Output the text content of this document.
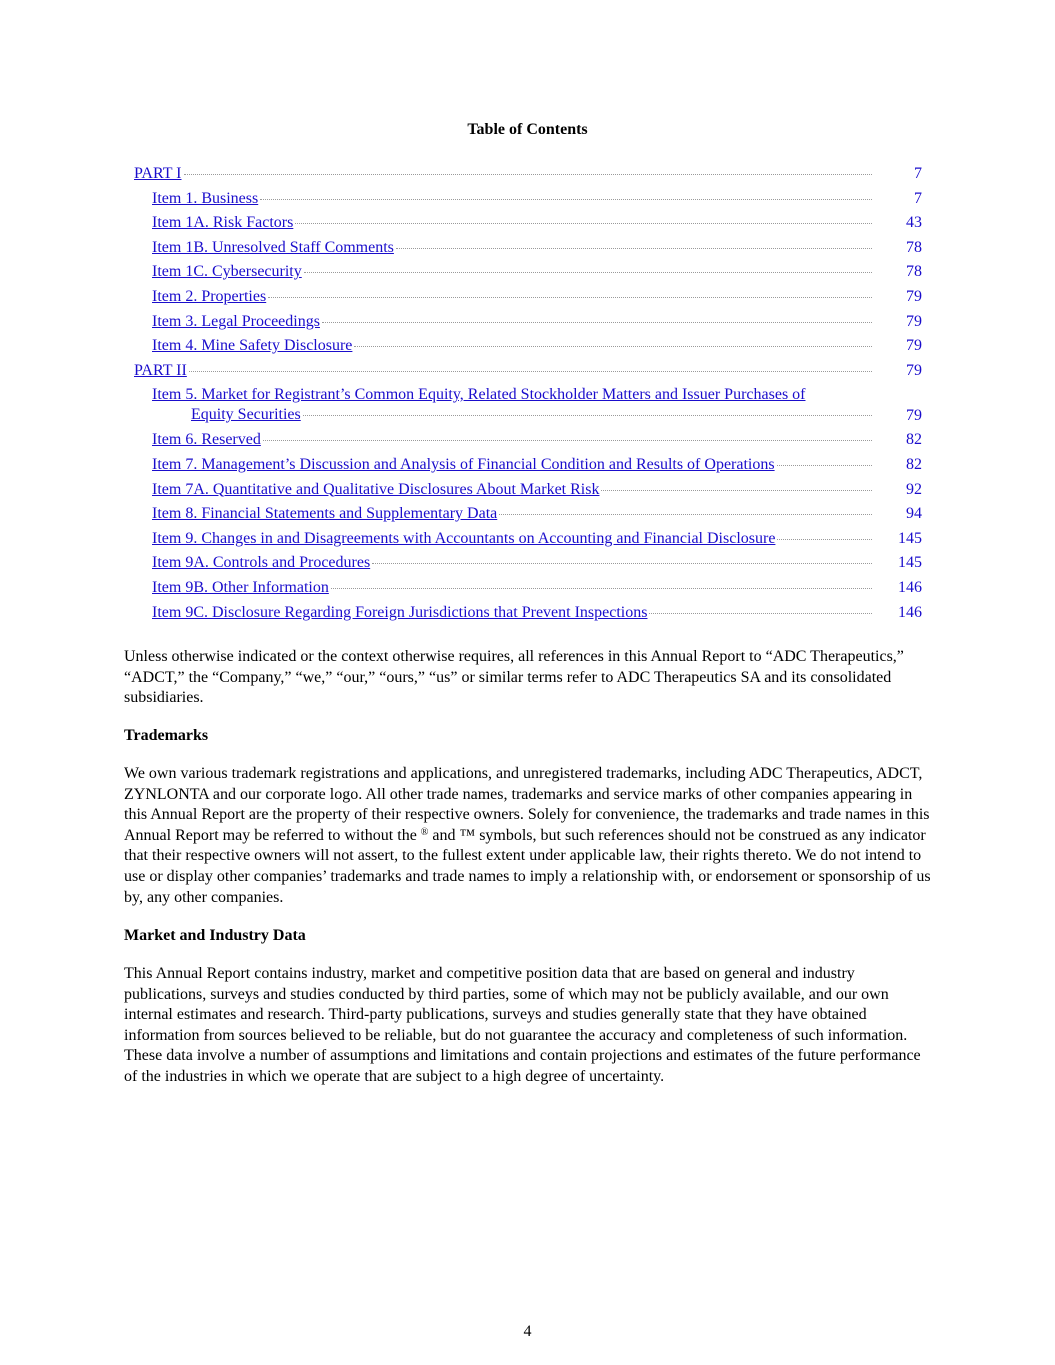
Table of Contents
PART I	7
Item 1. Business	7
Item 1A. Risk Factors	43
Item 1B. Unresolved Staff Comments	78
Item 1C. Cybersecurity	78
Item 2. Properties	79
Item 3. Legal Proceedings	79
Item 4. Mine Safety Disclosure	79
PART II	79
Item 5. Market for Registrant’s Common Equity, Related Stockholder Matters and Issuer Purchases of
Equity Securities	79
Item 6. Reserved	82
Item 7. Management’s Discussion and Analysis of Financial Condition and Results of Operations	82
Item 7A. Quantitative and Qualitative Disclosures About Market Risk	92
Item 8. Financial Statements and Supplementary Data	94
Item 9. Changes in and Disagreements with Accountants on Accounting and Financial Disclosure	145
Item 9A. Controls and Procedures	145
Item 9B. Other Information	146
Item 9C. Disclosure Regarding Foreign Jurisdictions that Prevent Inspections	146

Unless otherwise indicated or the context otherwise requires, all references in this Annual Report to “ADC Therapeutics,” “ADCT,” the “Company,” “we,” “our,” “ours,” “us” or similar terms refer to ADC Therapeutics SA and its consolidated subsidiaries.

Trademarks

We own various trademark registrations and applications, and unregistered trademarks, including ADC Therapeutics, ADCT, ZYNLONTA and our corporate logo. All other trade names, trademarks and service marks of other companies appearing in this Annual Report are the property of their respective owners. Solely for convenience, the trademarks and trade names in this Annual Report may be referred to without the ® and ™ symbols, but such references should not be construed as any indicator that their respective owners will not assert, to the fullest extent under applicable law, their rights thereto. We do not intend to use or display other companies’ trademarks and trade names to imply a relationship with, or endorsement or sponsorship of us by, any other companies.

Market and Industry Data

This Annual Report contains industry, market and competitive position data that are based on general and industry publications, surveys and studies conducted by third parties, some of which may not be publicly available, and our own internal estimates and research. Third-party publications, surveys and studies generally state that they have obtained information from sources believed to be reliable, but do not guarantee the accuracy and completeness of such information. These data involve a number of assumptions and limitations and contain projections and estimates of the future performance of the industries in which we operate that are subject to a high degree of uncertainty.

4
